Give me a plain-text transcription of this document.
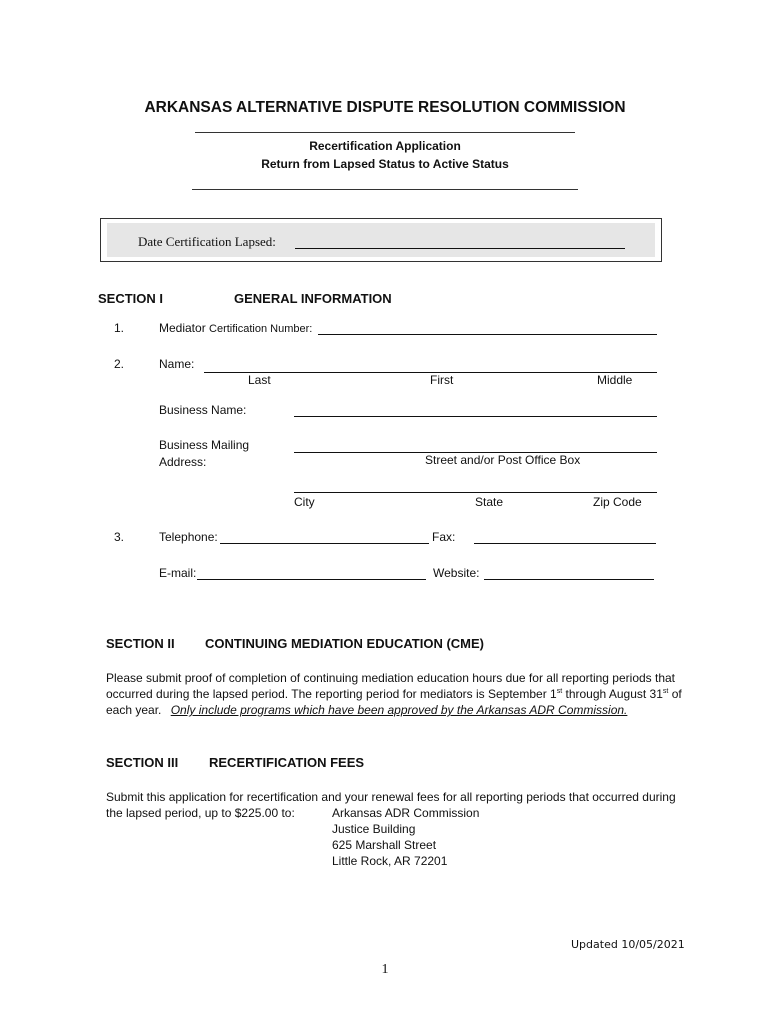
ARKANSAS ALTERNATIVE DISPUTE RESOLUTION COMMISSION
Recertification Application
Return from Lapsed Status to Active Status
Date Certification Lapsed:
SECTION I	GENERAL INFORMATION
1.	Mediator Certification Number:
2.	Name:
Last	First	Middle
Business Name:
Business Mailing
Address:	Street and/or Post Office Box
City	State	Zip Code
3.	Telephone:	Fax:
E-mail:	Website:
SECTION II CONTINUING MEDIATION EDUCATION (CME)
Please submit proof of completion of continuing mediation education hours due for all reporting periods that
occurred during the lapsed period. The reporting period for mediators is September 1st through August 31st of
each year. Only include programs which have been approved by the Arkansas ADR Commission.
SECTION III RECERTIFICATION FEES
Submit this application for recertification and your renewal fees for all reporting periods that occurred during
the lapsed period, up to $225.00 to:	Arkansas ADR Commission
Justice Building
625 Marshall Street
Little Rock, AR 72201
Updated 10/05/2021
1
